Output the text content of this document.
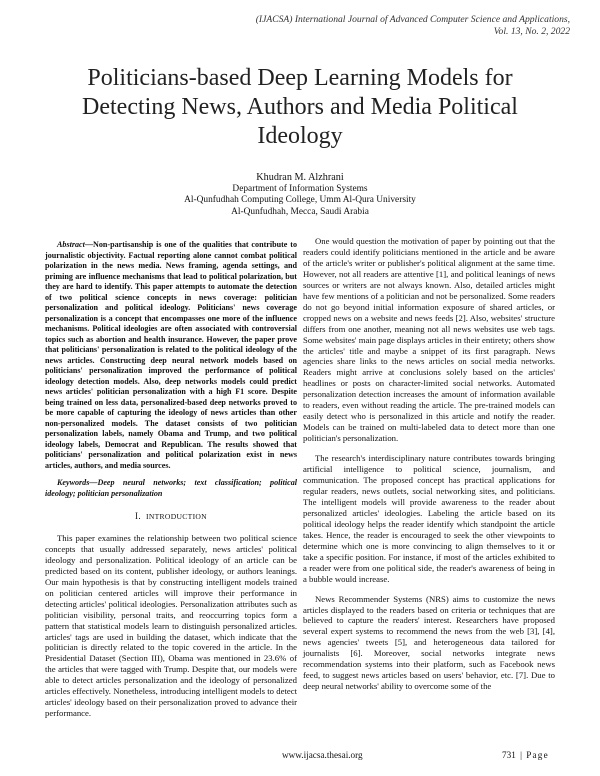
(IJACSA) International Journal of Advanced Computer Science and Applications,
Vol. 13, No. 2, 2022
Politicians-based Deep Learning Models for Detecting News, Authors and Media Political Ideology
Khudran M. Alzhrani
Department of Information Systems
Al-Qunfudhah Computing College, Umm Al-Qura University
Al-Qunfudhah, Mecca, Saudi Arabia

Abstract—Non-partisanship is one of the qualities that contribute to journalistic objectivity. Factual reporting alone cannot combat political polarization in the news media. News framing, agenda settings, and priming are influence mechanisms that lead to political polarization, but they are hard to identify. This paper attempts to automate the detection of two political science concepts in news coverage: politician personalization and political ideology. Politicians' news coverage personalization is a concept that encompasses one more of the influence mechanisms. Political ideologies are often associated with controversial topics such as abortion and health insurance. However, the paper prove that politicians' personalization is related to the political ideology of the news articles. Constructing deep neural network models based on politicians' personalization improved the performance of political ideology detection models. Also, deep networks models could predict news articles' politician personalization with a high F1 score. Despite being trained on less data, personalized-based deep networks proved to be more capable of capturing the ideology of news articles than other non-personalized models. The dataset consists of two politician personalization labels, namely Obama and Trump, and two political ideology labels, Democrat and Republican. The results showed that politicians' personalization and political polarization exist in news articles, authors, and media sources.

Keywords—Deep neural networks; text classification; political ideology; politician personalization

I. INTRODUCTION

This paper examines the relationship between two political science concepts that usually addressed separately, news articles' political ideology and personalization. Political ideology of an article can be predicted based on its content, publisher ideology, or authors leanings. Our main hypothesis is that by constructing intelligent models trained on politician centered articles will improve their performance in detecting articles' political ideologies. Personalization attributes such as politician visibility, personal traits, and reoccurring topics form a pattern that statistical models learn to distinguish personalized articles. articles' tags are used in building the dataset, which indicate that the politician is directly related to the topic covered in the article. In the Presidential Dataset (Section III), Obama was mentioned in 23.6% of the articles that were tagged with Trump. Despite that, our models were able to detect articles personalization and the ideology of personalized articles effectively. Nonetheless, introducing intelligent models to detect articles' ideology based on their personalization proved to advance their performance.

One would question the motivation of paper by pointing out that the readers could identify politicians mentioned in the article and be aware of the article's writer or publisher's political alignment at the same time. However, not all readers are attentive [1], and political leanings of news sources or writers are not always known. Also, detailed articles might have few mentions of a politician and not be personalized. Some readers do not go beyond initial information exposure of shared articles, or cropped news on a website and news feeds [2]. Also, websites' structure differs from one another, meaning not all news websites use web tags. Some websites' main page displays articles in their entirety; others show the articles' title and maybe a snippet of its first paragraph. News agencies share links to the news articles on social media networks. Readers might arrive at conclusions solely based on the articles' headlines or posts on character-limited social networks. Automated personalization detection increases the amount of information available to readers, even without reading the article. The pre-trained models can easily detect who is personalized in this article and notify the reader. Models can be trained on multi-labeled data to detect more than one politician's personalization.

The research's interdisciplinary nature contributes towards bringing artificial intelligence to political science, journalism, and communication. The proposed concept has practical applications for regular readers, news outlets, social networking sites, and politicians. The intelligent models will provide awareness to the reader about personalized articles' ideologies. Labeling the article based on its political ideology helps the reader identify which standpoint the article takes. Hence, the reader is encouraged to seek the other viewpoints to determine which one is more convincing to align themselves to it or take a specific position. For instance, if most of the articles exhibited to a reader were from one political side, the reader's awareness of being in a bubble would increase.

News Recommender Systems (NRS) aims to customize the news articles displayed to the readers based on criteria or techniques that are believed to capture the readers' interest. Researchers have proposed several expert systems to recommend the news from the web [3], [4], news agencies' tweets [5], and heterogeneous data tailored for journalists [6]. Moreover, social networks integrate news recommendation systems into their platform, such as Facebook news feed, to suggest news articles based on users' behavior, etc. [7]. Due to deep neural networks' ability to overcome some of the

www.ijacsa.thesai.org	731 | Page
